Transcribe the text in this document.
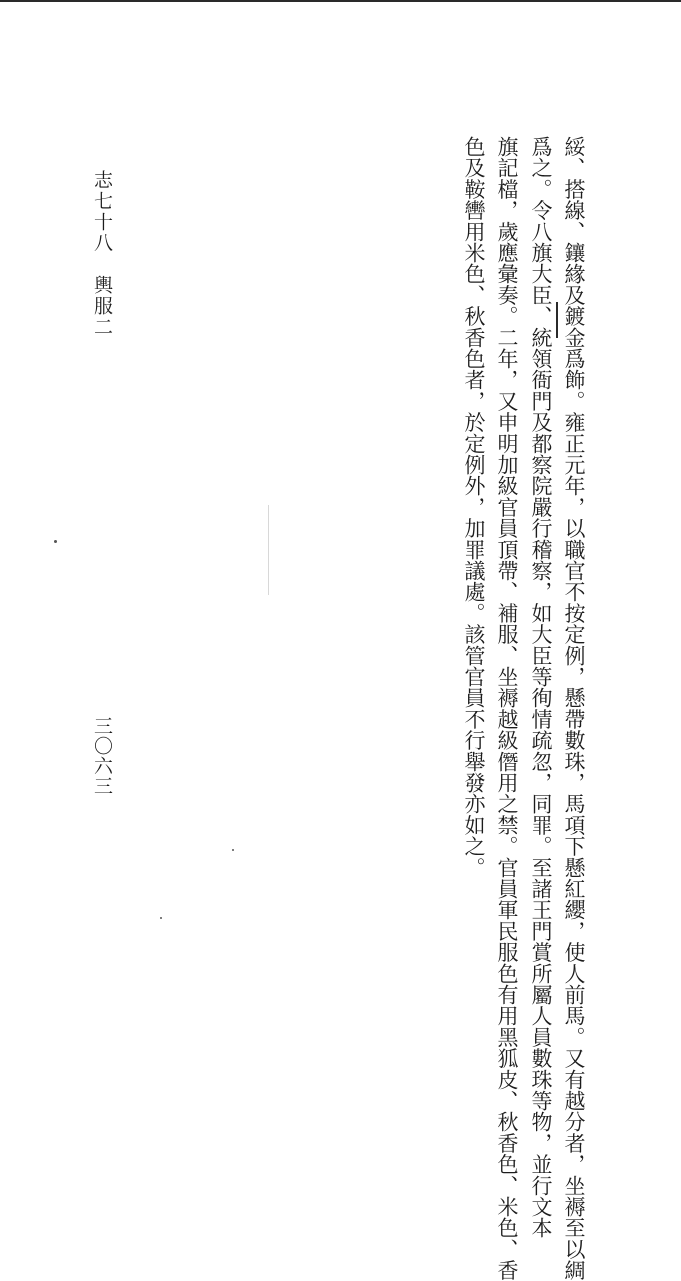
綏、搭線、鑲緣及鍍金爲飾。雍正元年，以職官不按定例，懸帶數珠，馬項下懸紅纓，使人前馬。又有越分者，坐褥至以綢
爲之。令八旗大臣、統領衙門及都察院嚴行稽察，如大臣等徇情疏忽，同罪。至諸王門賞所屬人員數珠等物，並行文本
旗記檔，歲應彙奏。二年，又申明加級官員頂帶、補服、坐褥越級僭用之禁。官員軍民服色有用黑狐皮、秋香色、米色、香
色及鞍轡用米色、秋香色者，於定例外，加罪議處。該管官員不行舉發亦如之。
志七十八　輿服二
三〇六三
